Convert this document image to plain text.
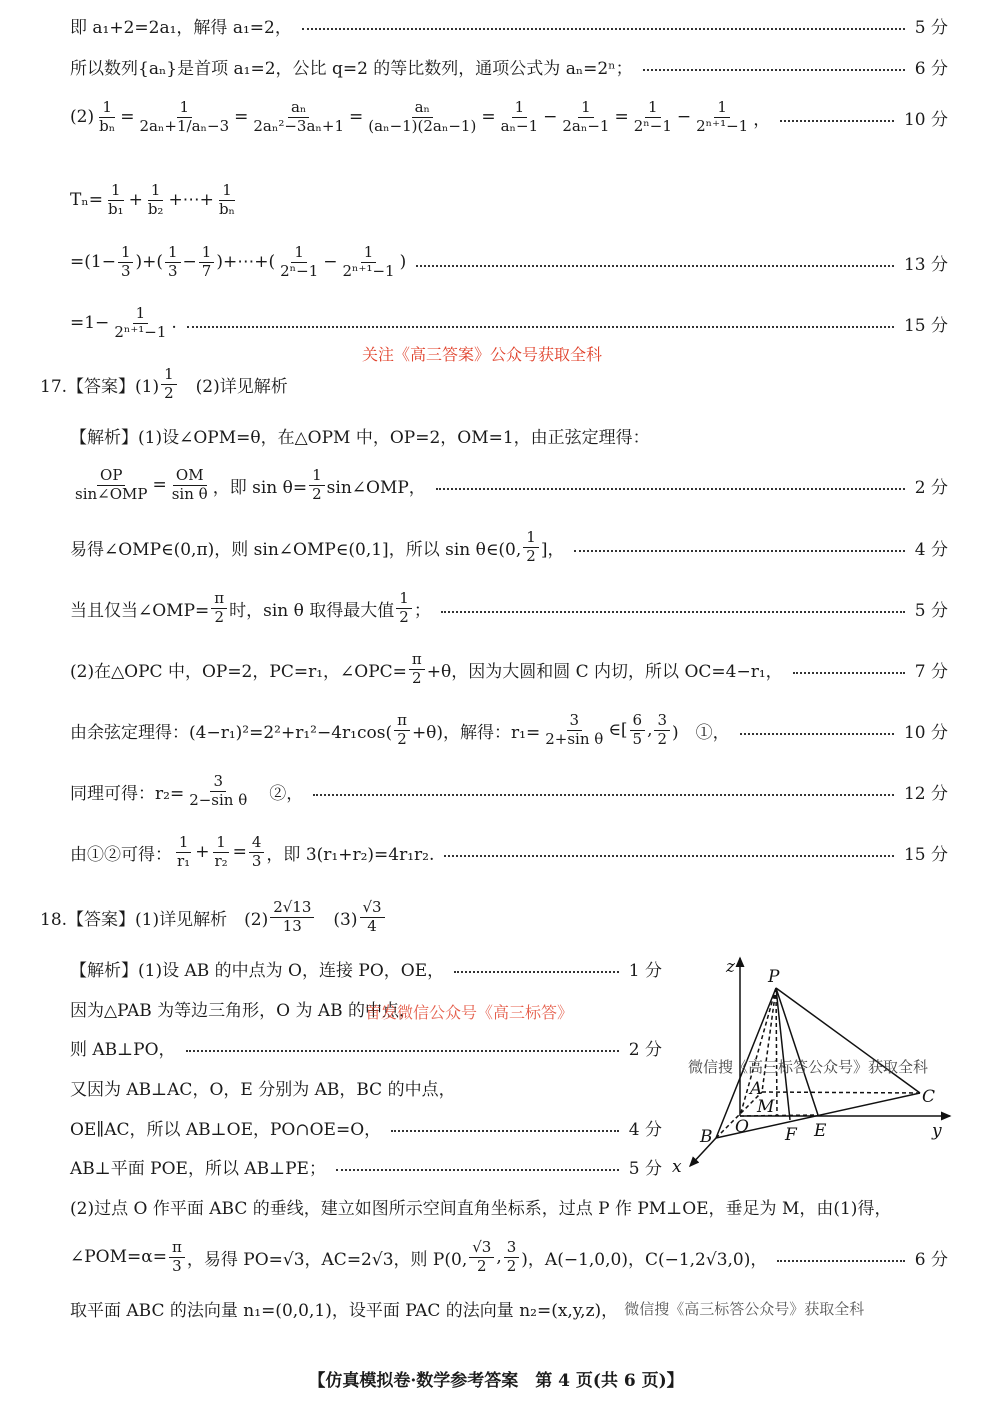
即 a₁+2=2a₁，解得 a₁=2，	5 分
所以数列{aₙ}是首项 a₁=2，公比 q=2 的等比数列，通项公式为 aₙ=2ⁿ；	6 分
$(2) \frac{1}{\text{bₙ}} = \frac{1}{\text{2aₙ+1/aₙ−3}} = \frac{\text{aₙ}}{\text{2aₙ²−3aₙ+1}} = \frac{\text{aₙ}}{\text{(aₙ−1)(2aₙ−1)}} = \frac{1}{\text{aₙ−1}} - \frac{1}{\text{2aₙ−1}} = \frac{1}{\text{2ⁿ−1}} - \frac{1}{\text{2ⁿ⁺¹−1}}$ ，	10 分
$T_n= \frac{1}{\text{b₁}} + \frac{1}{\text{b₂}}$ +⋯+ $\frac{1}{\text{bₙ}}$
$=(1- \frac{1}{3}$ )+( $\frac{1}{3} - \frac{1}{7}$ )+⋯+( $\frac{1}{\text{2ⁿ−1}} - \frac{1}{\text{2ⁿ⁺¹−1}}$ )	13 分
$=1- \frac{1}{\text{2ⁿ⁺¹−1}}$ .	15 分
17.【答案】$(1) \frac{1}{2}$ 　(2)详见解析
【解析】(1)设∠OPM=θ，在△OPM 中，OP=2，OM=1，由正弦定理得：
$\frac{OP}{\text{sin∠OMP}} = \frac{OM}{\text{sin θ}}$ ，即 $\sin \theta= \frac{1}{2}$ sin∠OMP，	2 分
易得∠OMP∈(0,π)，则 sin∠OMP∈(0,1]，所以 sin θ∈(0, $\frac{1}{2}$ ]，	4 分
当且仅当∠OMP= $\frac{\pi}{2}$ 时，sin θ 取得最大值 $\frac{1}{2}$ ；	5 分
(2)在△OPC 中，OP=2，PC=r₁，∠OPC= $\frac{\pi}{2} +\theta$，因为大圆和圆 C 内切，所以 OC=4−r₁，	7 分
由余弦定理得：$(4-r_1)^2=2^2+r_1^2-4r_1\cos( \frac{\pi}{2} +\theta)$，解得：$r_1= \frac{3}{\text{2+sin θ}}$ ∈[ $\frac{6}{5}$ , $\frac{3}{2}$ )　①，	10 分
同理可得：$r_2= \frac{3}{\text{2−sin θ}}$ 　②，	12 分
由①②可得： $\frac{1}{\text{r₁}} + \frac{1}{\text{r₂}} = \frac{4}{3}$ ，即 3(r₁+r₂)=4r₁r₂.	15 分
18.【答案】(1)详见解析　$(2) \frac{2√13}{13}$ 　$(3) \frac{√3}{4}$
【解析】(1)设 AB 的中点为 O，连接 PO，OE，	1 分
因为△PAB 为等边三角形，O 为 AB 的中点，
则 AB⊥PO，	2 分
又因为 AB⊥AC，O，E 分别为 AB，BC 的中点，
OE∥AC，所以 AB⊥OE，PO∩OE=O，	4 分
AB⊥平面 POE，所以 AB⊥PE；	5 分
(2)过点 O 作平面 ABC 的垂线，建立如图所示空间直角坐标系，过点 P 作 PM⊥OE，垂足为 M，由(1)得，
∠POM=α= $\frac{\pi}{3}$ ，易得 PO=√3，AC=2√3，则 P(0, $\frac{√3}{2}$ , $\frac{3}{2}$ )，A(−1,0,0)，C(−1,2√3,0)，	6 分
取平面 ABC 的法向量 n₁=(0,0,1)，设平面 PAC 的法向量 n₂=(x,y,z)， 微信搜《高三标答公众号》获取全科
关注《高三答案》公众号获取全科
首发微信公众号《高三标答》
z P
A
M	C
B O F E	y
x
微信搜《高三标答公众号》获取全科
【仿真模拟卷·数学参考答案　第 4 页(共 6 页)】
